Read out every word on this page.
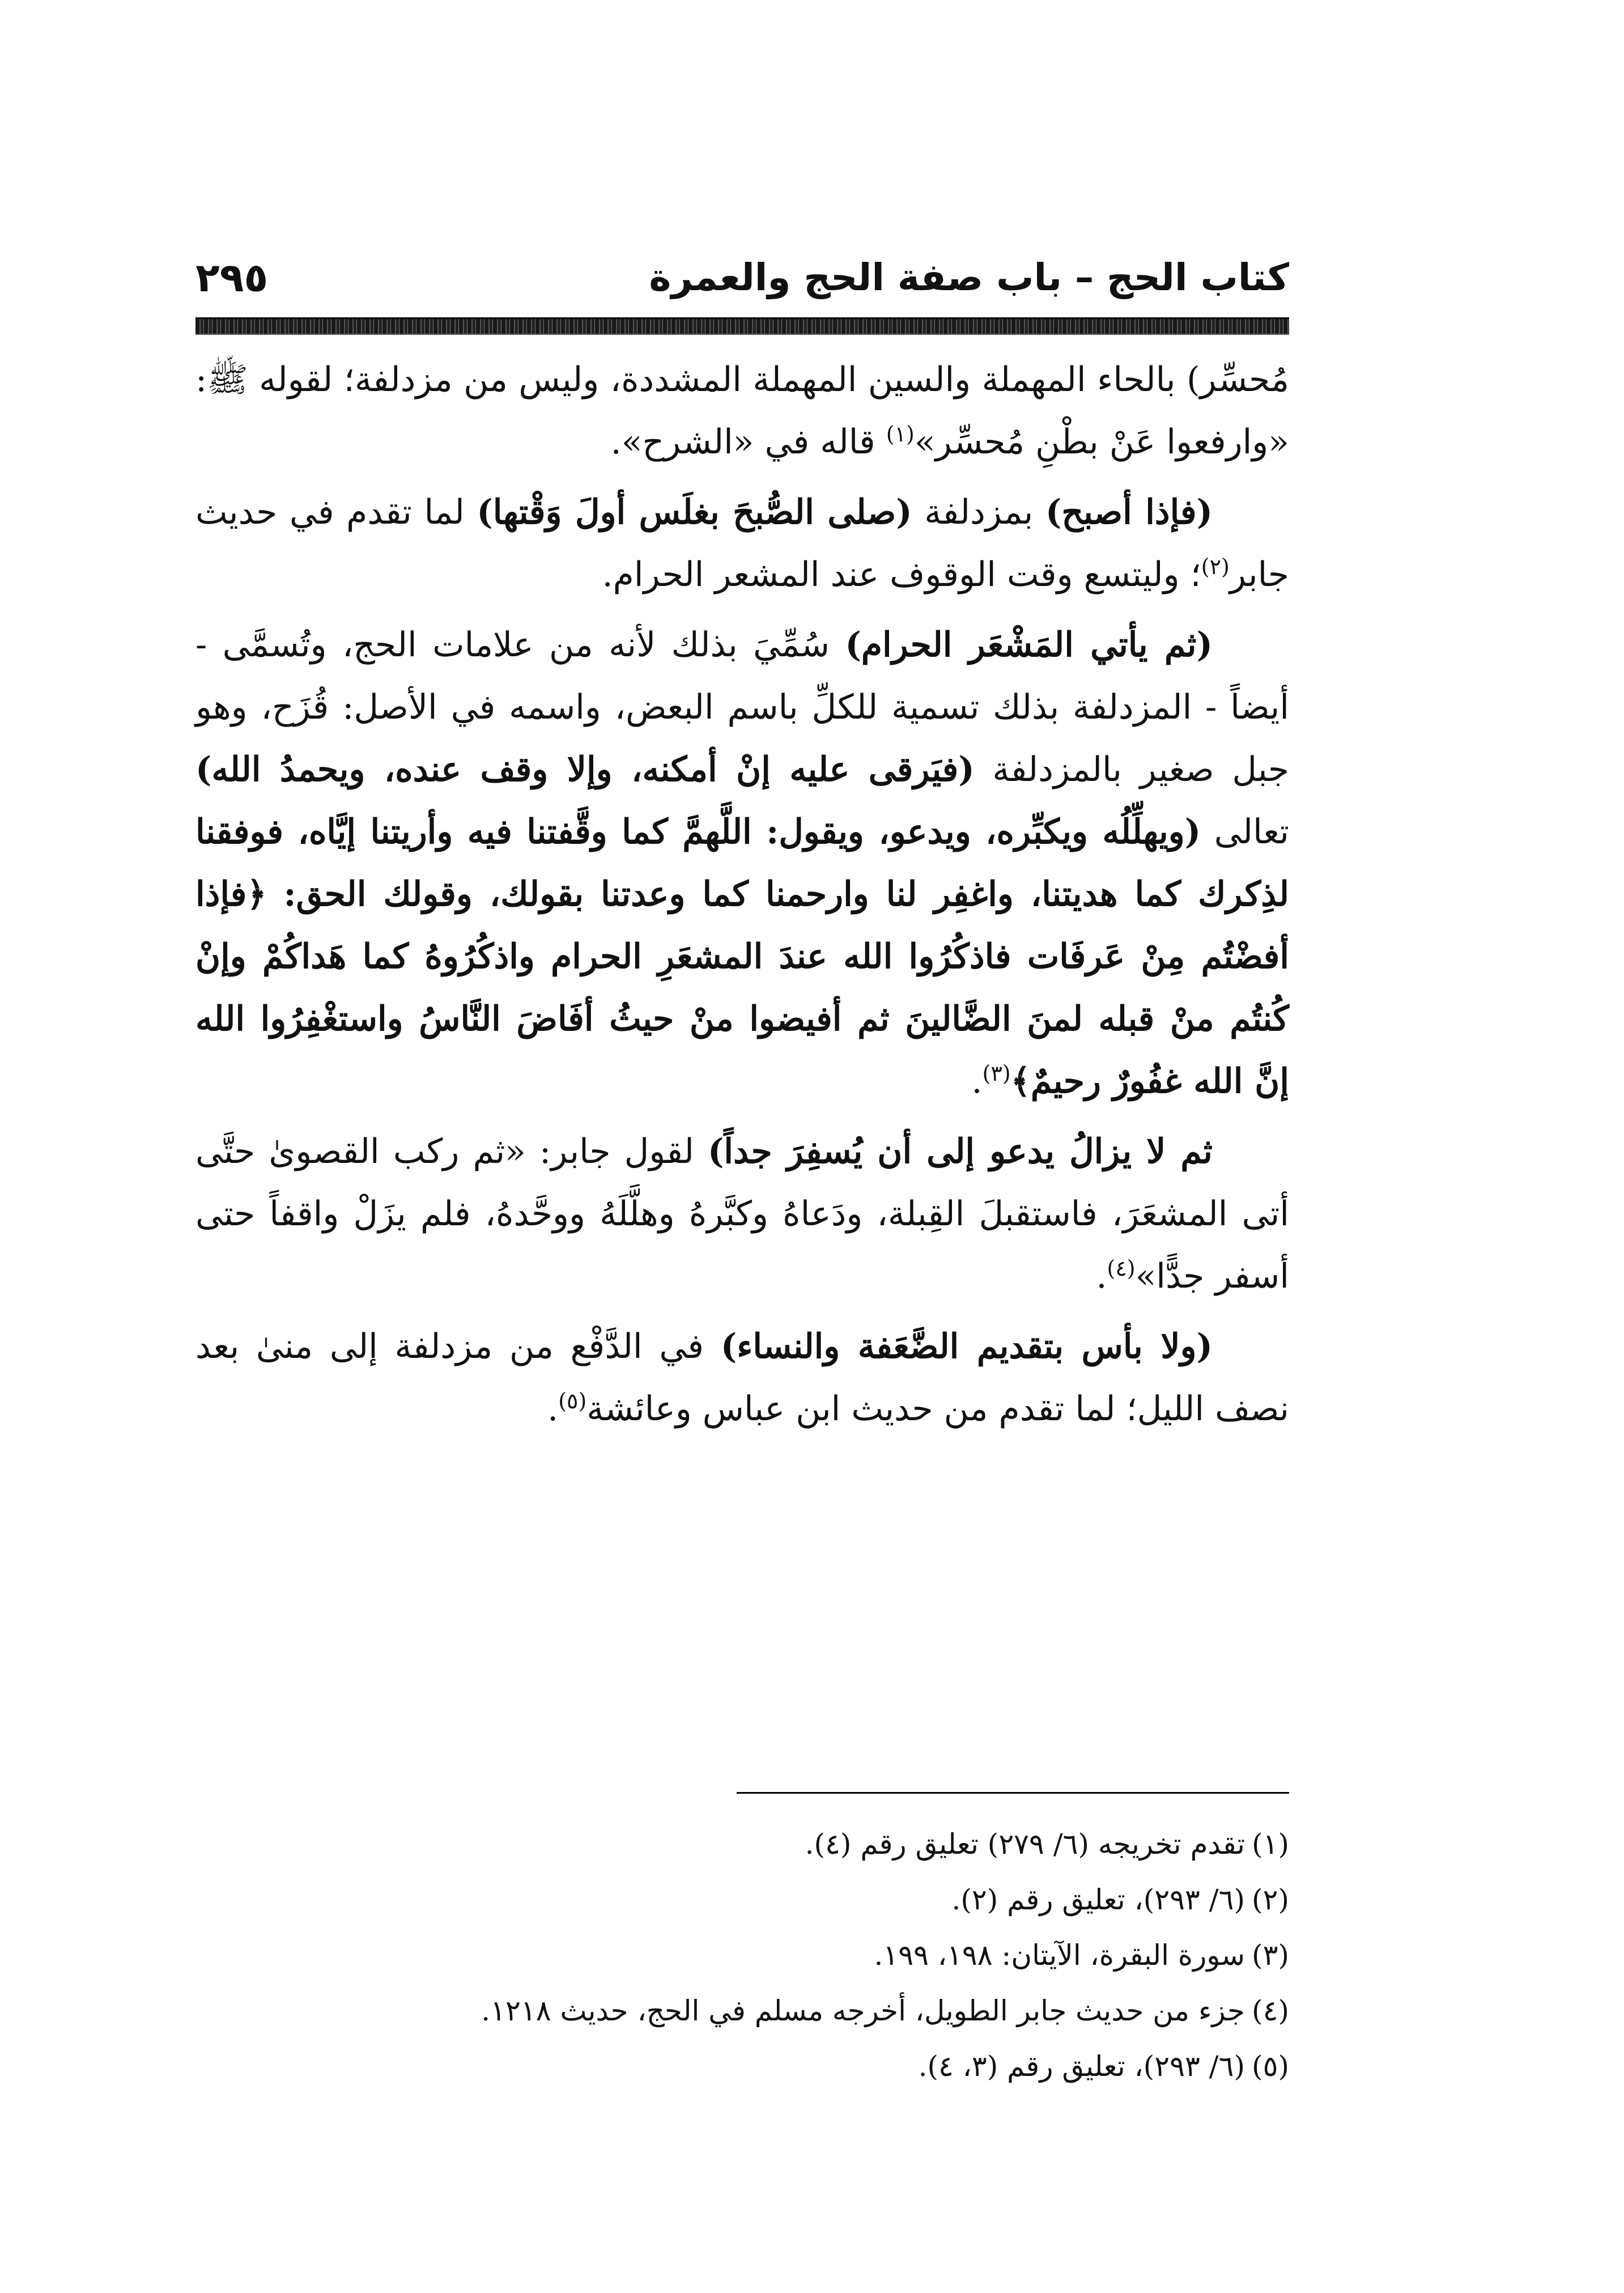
كتاب الحج – باب صفة الحج والعمرة
٢٩٥

مُحسِّر) بالحاء المهملة والسين المهملة المشددة، وليس من مزدلفة؛ لقوله ﷺ: «وارفعوا عَنْ بطْنِ مُحسِّر»$^{(١)}$ قاله في «الشرح».

(فإذا أصبح) بمزدلفة (صلى الصُّبحَ بغلَس أولَ وَقْتها) لما تقدم في حديث جابر$^{(٢)}$؛ وليتسع وقت الوقوف عند المشعر الحرام.

(ثم يأتي المَشْعَر الحرام) سُمِّيَ بذلك لأنه من علامات الحج، وتُسمَّى - أيضاً - المزدلفة بذلك تسمية للكلِّ باسم البعض، واسمه في الأصل: قُزَح، وهو جبل صغير بالمزدلفة (فيَرقى عليه إنْ أمكنه، وإلا وقف عنده، ويحمدُ الله) تعالى (ويهلِّلُه ويكبِّره، ويدعو، ويقول: اللَّهمَّ كما وقَّفتنا فيه وأريتنا إيَّاه، فوفقنا لذِكرك كما هديتنا، واغفِر لنا وارحمنا كما وعدتنا بقولك، وقولك الحق: ﴿فإذا أفضْتُم مِنْ عَرفَات فاذكُرُوا الله عندَ المشعَرِ الحرام واذكُرُوهُ كما هَداكُمْ وإنْ كُنتُم منْ قبله لمنَ الضَّالينَ ثم أفيضوا منْ حيثُ أفَاضَ النَّاسُ واستغْفِرُوا الله إنَّ الله غفُورٌ رحيمٌ﴾$^{(٣)}$.

ثم لا يزالُ يدعو إلى أن يُسفِرَ جداً) لقول جابر: «ثم ركب القصوىٰ حتَّى أتى المشعَرَ، فاستقبلَ القِبلة، ودَعاهُ وكبَّرهُ وهلَّلَهُ ووحَّدهُ، فلم يزَلْ واقفاً حتى أسفر جدًّا»$^{(٤)}$.

(ولا بأس بتقديم الضَّعَفة والنساء) في الدَّفْع من مزدلفة إلى منىٰ بعد نصف الليل؛ لما تقدم من حديث ابن عباس وعائشة$^{(٥)}$.

(١)تقدم تخريجه (٦/ ٢٧٩) تعليق رقم (٤).

(٢)(٦/ ٢٩٣)، تعليق رقم (٢).

(٣)سورة البقرة، الآيتان: ١٩٨، ١٩٩.

(٤)جزء من حديث جابر الطويل، أخرجه مسلم في الحج، حديث ١٢١٨.

(٥)(٦/ ٢٩٣)، تعليق رقم (٣، ٤).
